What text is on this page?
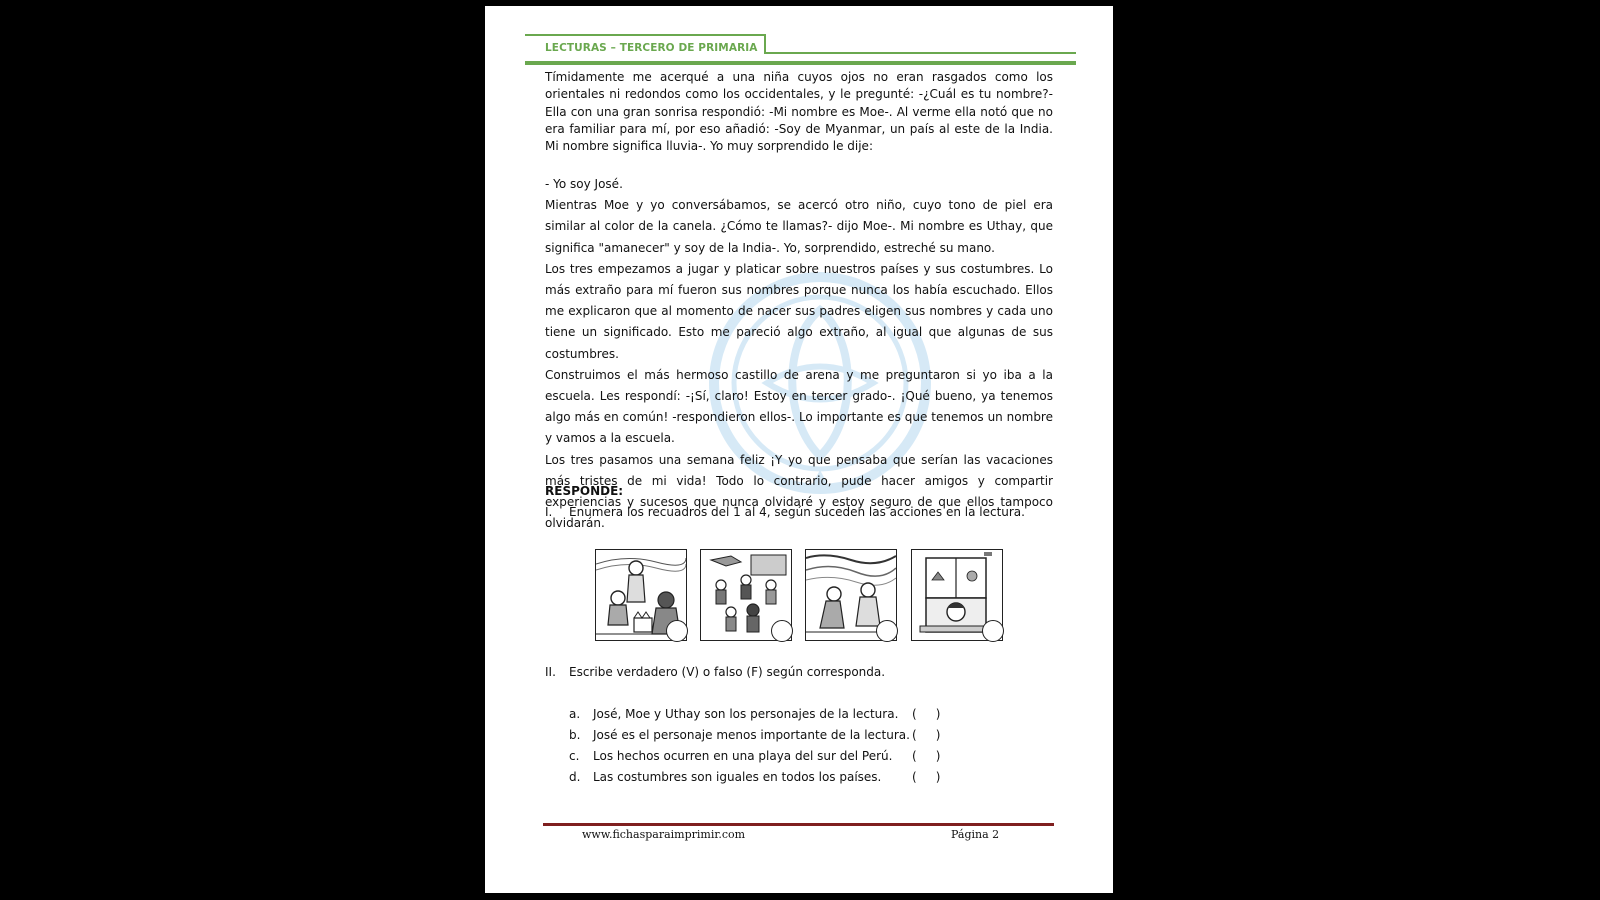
LECTURAS – TERCERO DE PRIMARIA
Tímidamente me acerqué a una niña cuyos ojos no eran rasgados como los orientales ni redondos como los occidentales, y le pregunté: -¿Cuál es tu nombre?- Ella con una gran sonrisa respondió: -Mi nombre es Moe-. Al verme ella notó que no era familiar para mí, por eso añadió: -Soy de Myanmar, un país al este de la India. Mi nombre significa lluvia-. Yo muy sorprendido le dije:
- Yo soy José.
Mientras Moe y yo conversábamos, se acercó otro niño, cuyo tono de piel era similar al color de la canela. ¿Cómo te llamas?- dijo Moe-. Mi nombre es Uthay, que significa "amanecer" y soy de la India-. Yo, sorprendido, estreché su mano.
Los tres empezamos a jugar y platicar sobre nuestros países y sus costumbres. Lo más extraño para mí fueron sus nombres porque nunca los había escuchado. Ellos me explicaron que al momento de nacer sus padres eligen sus nombres y cada uno tiene un significado. Esto me pareció algo extraño, al igual que algunas de sus costumbres.
Construimos el más hermoso castillo de arena y me preguntaron si yo iba a la escuela. Les respondí: -¡Sí, claro! Estoy en tercer grado-. ¡Qué bueno, ya tenemos algo más en común! -respondieron ellos-. Lo importante es que tenemos un nombre y vamos a la escuela.
Los tres pasamos una semana feliz ¡Y yo que pensaba que serían las vacaciones más tristes de mi vida! Todo lo contrario, pude hacer amigos y compartir experiencias y sucesos que nunca olvidaré y estoy seguro de que ellos tampoco olvidarán.
RESPONDE:
I. Enumera los recuadros del 1 al 4, según suceden las acciones en la lectura.
II. Escribe verdadero (V) o falso (F) según corresponda.
a. José, Moe y Uthay son los personajes de la lectura. (     )
b. José es el personaje menos importante de la lectura. (     )
c. Los hechos ocurren en una playa del sur del Perú. (     )
d. Las costumbres son iguales en todos los países.	(     )
www.fichasparaimprimir.com	Página 2
